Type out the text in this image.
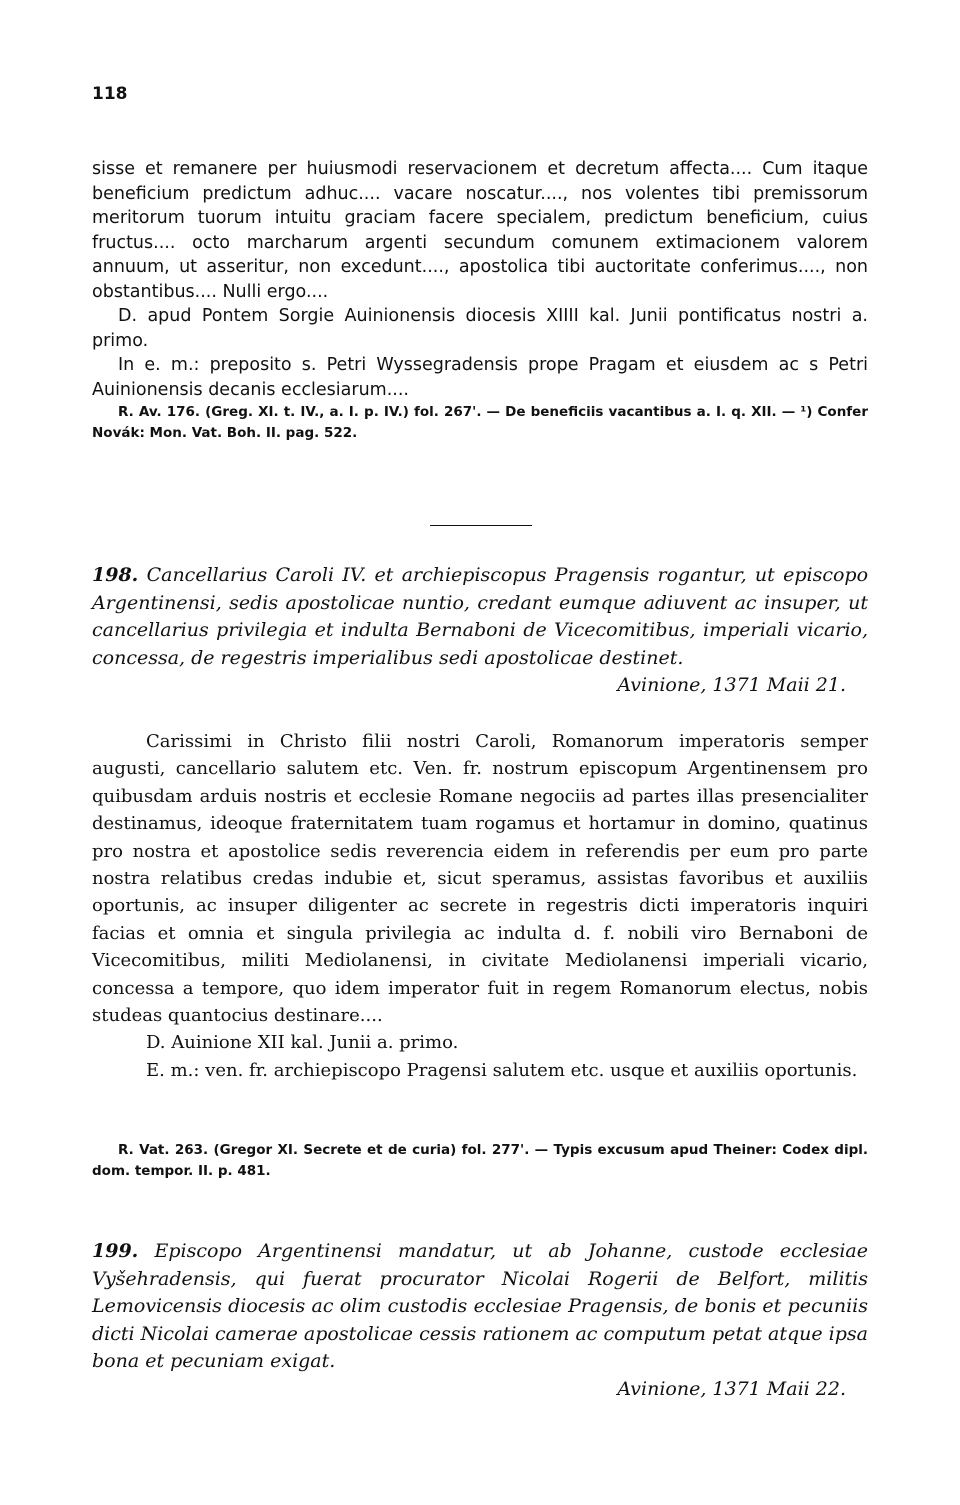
118

sisse et remanere per huiusmodi reservacionem et decretum affecta.... Cum itaque beneficium predictum adhuc.... vacare noscatur...., nos volentes tibi premissorum meritorum tuorum intuitu graciam facere specialem, predictum beneficium, cuius fructus.... octo marcharum argenti secundum comunem extimacionem valorem annuum, ut asseritur, non excedunt...., apostolica tibi auctoritate conferimus...., non obstantibus.... Nulli ergo....

D. apud Pontem Sorgie Auinionensis diocesis XIIII kal. Junii pontificatus nostri a. primo.

In e. m.: preposito s. Petri Wyssegradensis prope Pragam et eiusdem ac s Petri Auinionensis decanis ecclesiarum....

R. Av. 176. (Greg. XI. t. IV., a. I. p. IV.) fol. 267'. — De beneficiis vacantibus a. I. q. XII. — ¹) Confer Novák: Mon. Vat. Boh. II. pag. 522.

198. Cancellarius Caroli IV. et archiepiscopus Pragensis rogantur, ut episcopo Argentinensi, sedis apostolicae nuntio, credant eumque adiuvent ac insuper, ut cancellarius privilegia et indulta Bernaboni de Vicecomitibus, imperiali vicario, concessa, de regestris imperialibus sedi apostolicae destinet.

Avinione, 1371 Maii 21.

Carissimi in Christo filii nostri Caroli, Romanorum imperatoris semper augusti, cancellario salutem etc. Ven. fr. nostrum episcopum Argentinensem pro quibusdam arduis nostris et ecclesie Romane negociis ad partes illas presencialiter destinamus, ideoque fraternitatem tuam rogamus et hortamur in domino, quatinus pro nostra et apostolice sedis reverencia eidem in referendis per eum pro parte nostra relatibus credas indubie et, sicut speramus, assistas favoribus et auxiliis oportunis, ac insuper diligenter ac secrete in regestris dicti imperatoris inquiri facias et omnia et singula privilegia ac indulta d. f. nobili viro Bernaboni de Vicecomitibus, militi Mediolanensi, in civitate Mediolanensi imperiali vicario, concessa a tempore, quo idem imperator fuit in regem Romanorum electus, nobis studeas quantocius destinare....

D. Auinione XII kal. Junii a. primo.

E. m.: ven. fr. archiepiscopo Pragensi salutem etc. usque et auxiliis oportunis.

R. Vat. 263. (Gregor XI. Secrete et de curia) fol. 277'. — Typis excusum apud Theiner: Codex dipl. dom. tempor. II. p. 481.

199. Episcopo Argentinensi mandatur, ut ab Johanne, custode ecclesiae Vyšehradensis, qui fuerat procurator Nicolai Rogerii de Belfort, militis Lemovicensis diocesis ac olim custodis ecclesiae Pragensis, de bonis et pecuniis dicti Nicolai camerae apostolicae cessis rationem ac computum petat atque ipsa bona et pecuniam exigat.

Avinione, 1371 Maii 22.
